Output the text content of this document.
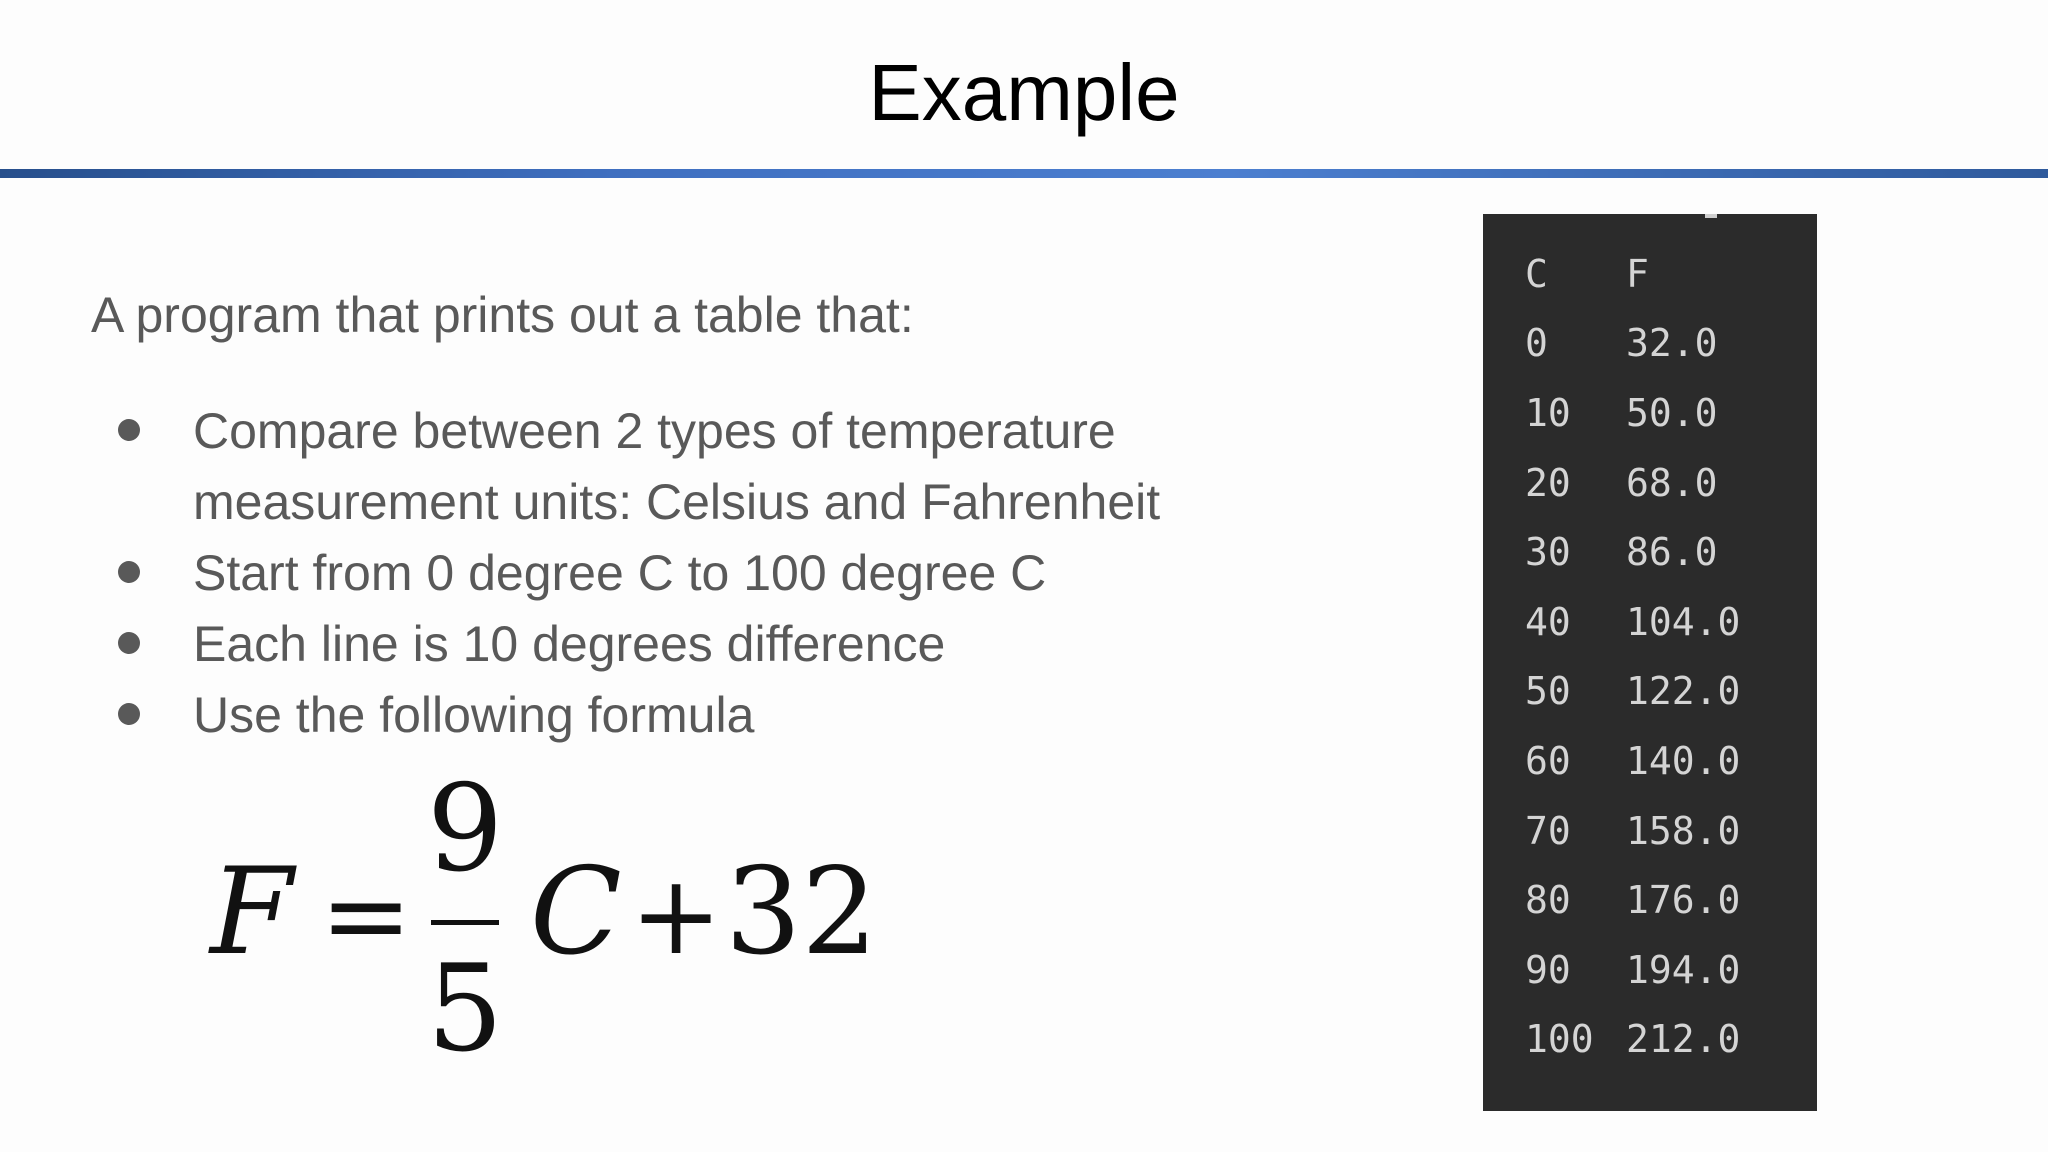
Example
A program that prints out a table that:
Compare between 2 types of temperature
measurement units: Celsius and Fahrenheit
Start from 0 degree C to 100 degree C
Each line is 10 degrees difference
Use the following formula
F =
9
5
C + 32
C	F
0	32.0
10	50.0
20	68.0
30	86.0
40	104.0
50	122.0
60	140.0
70	158.0
80	176.0
90	194.0
100	212.0
